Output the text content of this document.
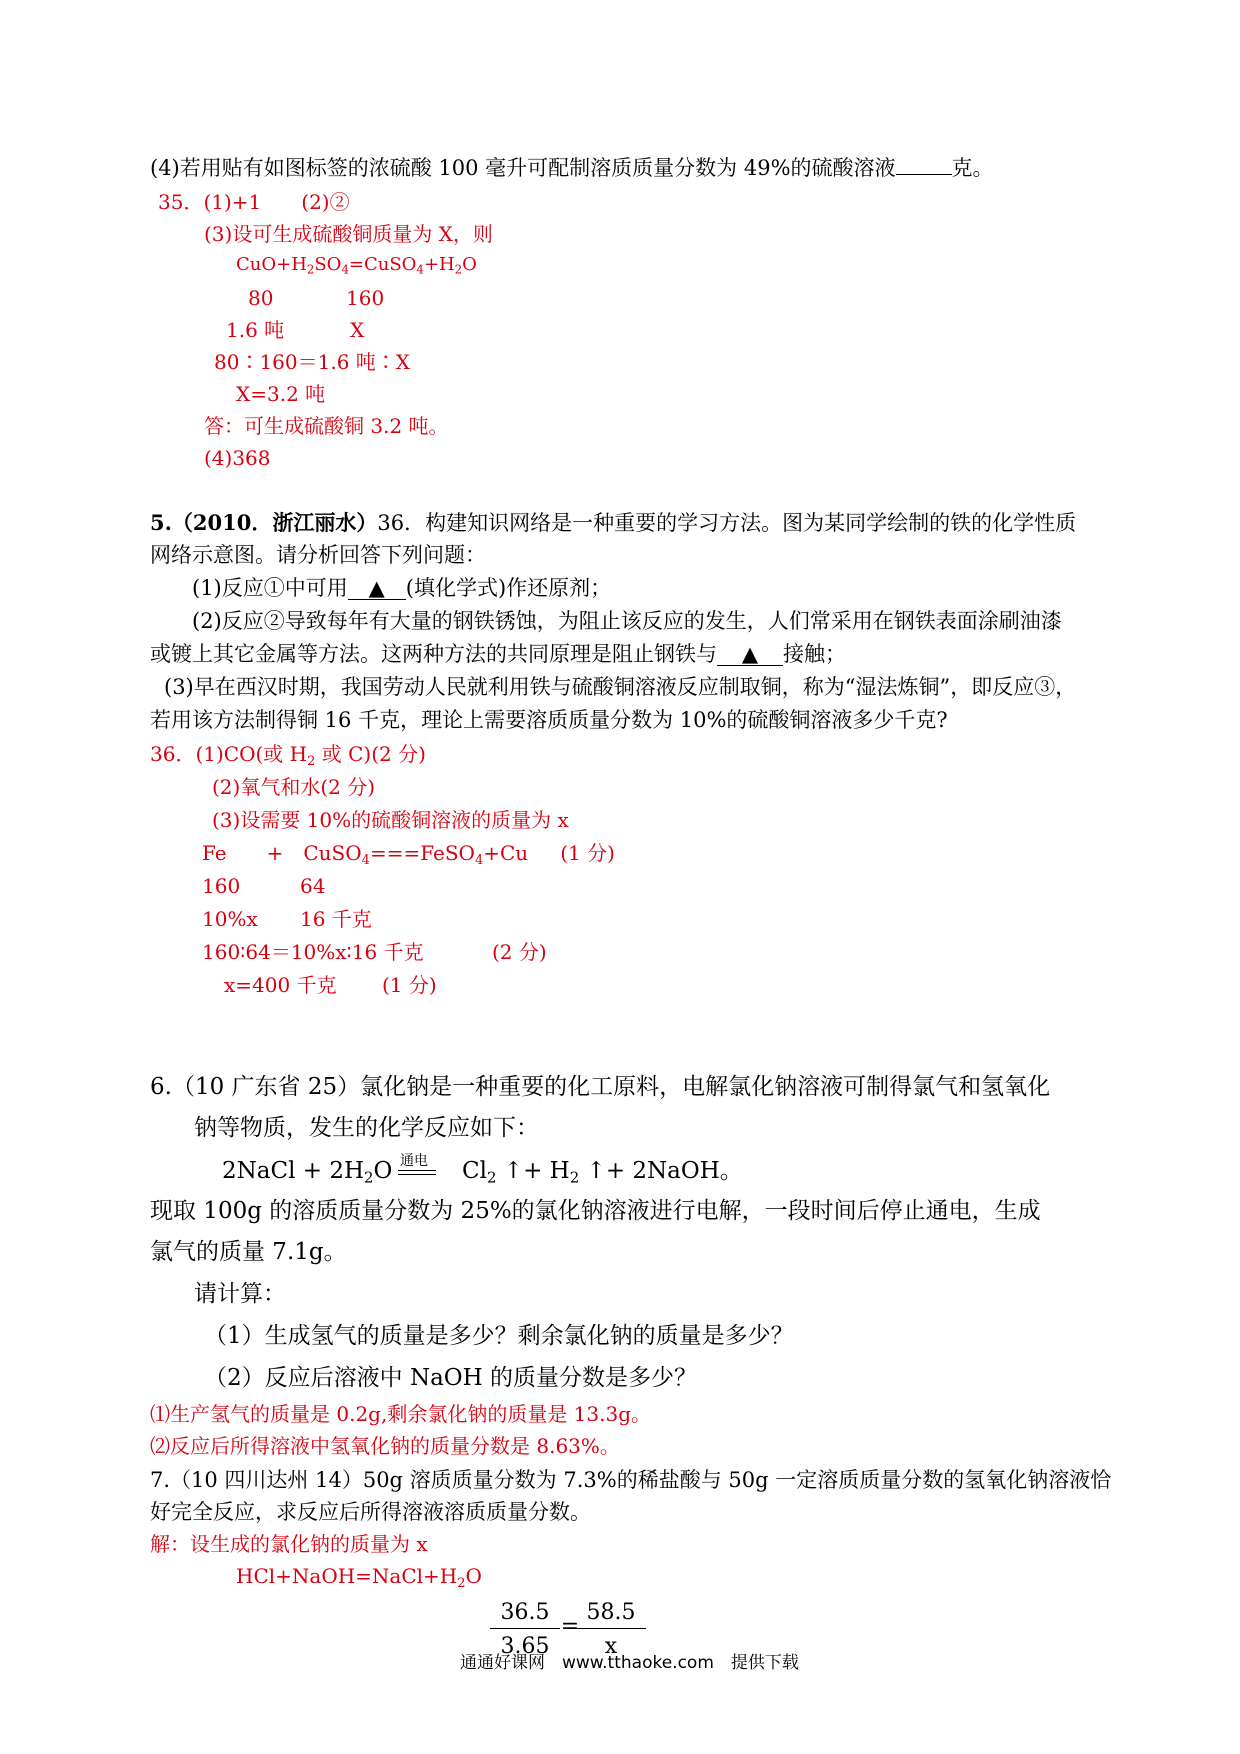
(4)若用贴有如图标签的浓硫酸 100 毫升可配制溶质质量分数为 49%的硫酸溶液	克。
35．(1)+1　　(2)②
(3)设可生成硫酸铜质量为 X，则
$CuO+H_2SO_4=CuSO_4+H_2O$
80	160
1.6 吨	X
80∶160＝1.6 吨∶X
X=3.2 吨
答：可生成硫酸铜 3.2 吨。
(4)368
5.（2010．浙江丽水）36．构建知识网络是一种重要的学习方法。图为某同学绘制的铁的化学性质
网络示意图。请分析回答下列问题：
(1)反应①中可用 ▲ (填化学式)作还原剂；
(2)反应②导致每年有大量的钢铁锈蚀，为阻止该反应的发生，人们常采用在钢铁表面涂刷油漆
或镀上其它金属等方法。这两种方法的共同原理是阻止钢铁与 ▲ 接触；
(3)早在西汉时期，我国劳动人民就利用铁与硫酸铜溶液反应制取铜，称为“湿法炼铜”，即反应③，
若用该方法制得铜 16 千克，理论上需要溶质质量分数为 10%的硫酸铜溶液多少千克?
36．(1)CO(或 $H_2$ 或 C)(2 分)
(2)氧气和水(2 分)
(3)设需要 10%的硫酸铜溶液的质量为 x
Fe　　+　CuSO$_4$===FeSO$_4$+Cu (1 分)
160	64
10%x 16 千克
160∶64＝10%x∶16 千克	(2 分)
x=400 千克 (1 分)
6.（10 广东省 25）氯化钠是一种重要的化工原料，电解氯化钠溶液可制得氯气和氢氧化
钠等物质，发生的化学反应如下：
2NaCl + $2H_2O$ 通电 $Cl_2$ ↑+ $H_2$ ↑+ 2NaOH。
现取 100g 的溶质质量分数为 25%的氯化钠溶液进行电解，一段时间后停止通电，生成
氯气的质量 7.1g。
请计算：
（1）生成氢气的质量是多少？剩余氯化钠的质量是多少？
（2）反应后溶液中 NaOH 的质量分数是多少？
⑴生产氢气的质量是 0.2g,剩余氯化钠的质量是 13.3g。
⑵反应后所得溶液中氢氧化钠的质量分数是 8.63%。
7.（10 四川达州 14）50g 溶质质量分数为 7.3%的稀盐酸与 50g 一定溶质质量分数的氢氧化钠溶液恰
好完全反应，求反应后所得溶液溶质质量分数。
解：设生成的氯化钠的质量为 x
$HCl+NaOH=NaCl+H_2O$
36.5
3.65
=
58.5
x
通通好课网　www.tthaoke.com　提供下载
